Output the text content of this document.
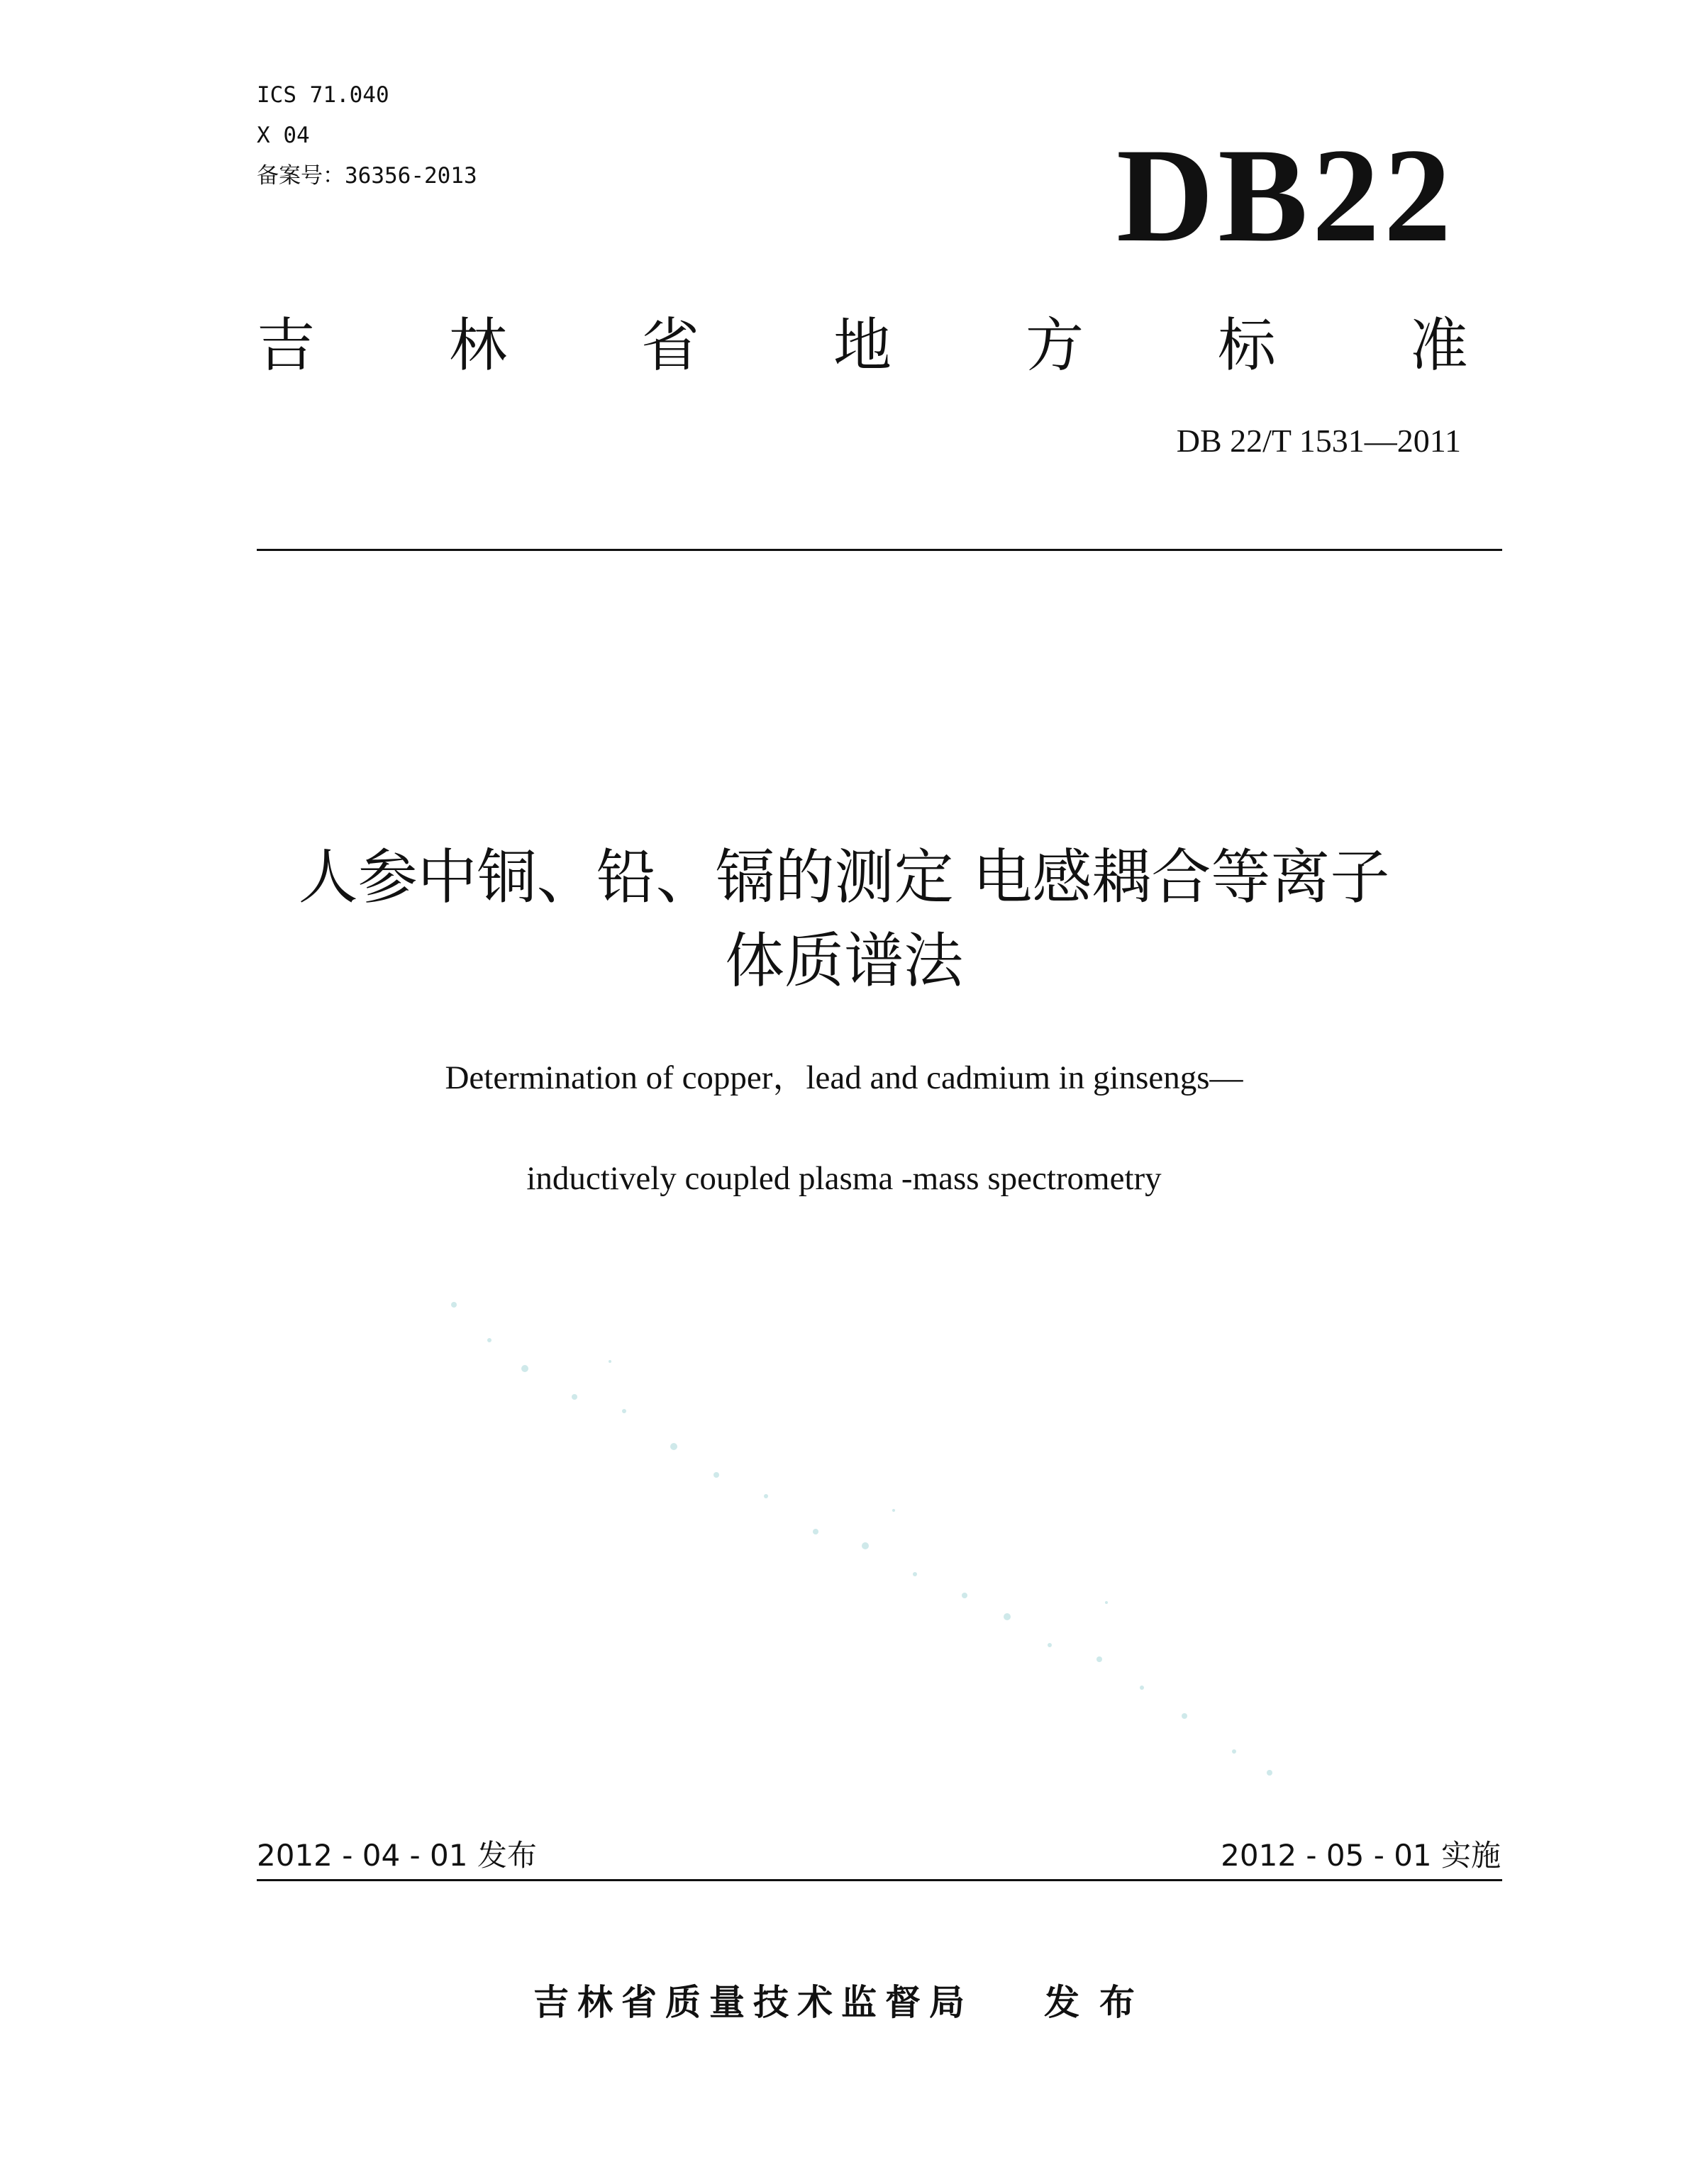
ICS 71.040
X 04
备案号：36356-2013	DB22
吉 林 省 地 方 标 准
DB 22/T 1531—2011
人参中铜、铅、镉的测定 电感耦合等离子
体质谱法
Determination of copper，lead and cadmium in ginsengs—
inductively coupled plasma -mass spectrometry
2012 - 04 - 01 发布	2012 - 05 - 01 实施
吉林省质量技术监督局 发布
